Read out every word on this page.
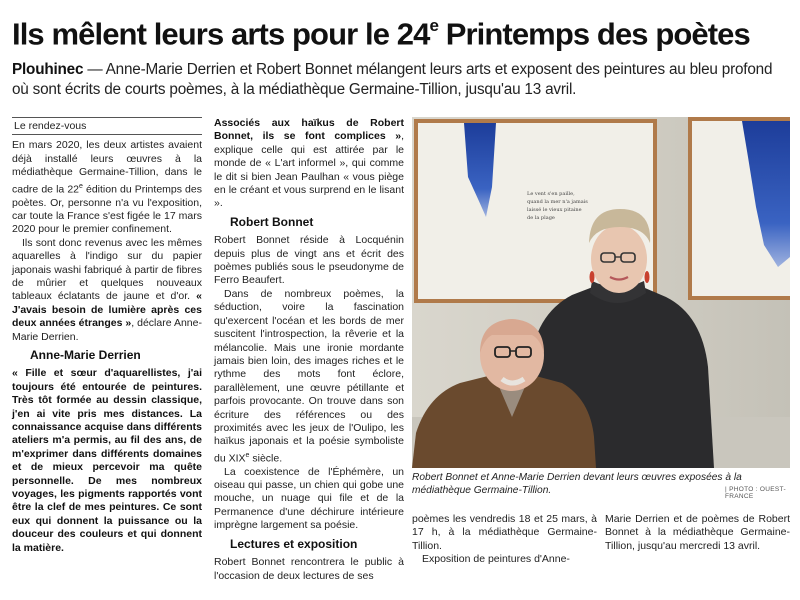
Ils mêlent leurs arts pour le 24e Printemps des poètes
Plouhinec — Anne-Marie Derrien et Robert Bonnet mélangent leurs arts et exposent des peintures au bleu profond où sont écrits de courts poèmes, à la médiathèque Germaine-Tillion, jusqu'au 13 avril.
Le rendez-vous

En mars 2020, les deux artistes avaient déjà installé leurs œuvres à la médiathèque Germaine-Tillion, dans le cadre de la 22e édition du Printemps des poètes. Or, personne n'a vu l'exposition, car toute la France s'est figée le 17 mars 2020 pour le premier confinement.

Ils sont donc revenus avec les mêmes aquarelles à l'indigo sur du papier japonais washi fabriqué à partir de fibres de mûrier et quelques nouveaux tableaux éclatants de jaune et d'or. « J'avais besoin de lumière après ces deux années étranges », déclare Anne-Marie Derrien.

Anne-Marie Derrien

« Fille et sœur d'aquarellistes, j'ai toujours été entourée de peintures. Très tôt formée au dessin classique, j'en ai vite pris mes distances. La connaissance acquise dans différents ateliers m'a permis, au fil des ans, de m'exprimer dans différents domaines et de mieux percevoir ma quête personnelle. De mes nombreux voyages, les pigments rapportés vont être la clef de mes peintures. Ce sont eux qui donnent la puissance ou la douceur des couleurs et qui donnent la matière.

Associés aux haïkus de Robert Bonnet, ils se font complices », explique celle qui est attirée par le monde de « L'art informel », qui comme le dit si bien Jean Paulhan « vous piège en le créant et vous surprend en le lisant ».

Robert Bonnet

Robert Bonnet réside à Locquénin depuis plus de vingt ans et écrit des poèmes publiés sous le pseudonyme de Ferro Beaufert.

Dans de nombreux poèmes, la séduction, voire la fascination qu'exercent l'océan et les bords de mer suscitent l'introspection, la rêverie et la mélancolie. Mais une ironie mordante jamais bien loin, des images riches et le rythme des mots font éclore, parallèlement, une œuvre pétillante et parfois provocante. On trouve dans son écriture des références ou des proximités avec les jeux de l'Oulipo, les haïkus japonais et la poésie symboliste du XIXe siècle.

La coexistence de l'Éphémère, un oiseau qui passe, un chien qui gobe une mouche, un nuage qui file et de la Permanence d'une déchirure intérieure imprègne largement sa poésie.

Lectures et exposition

Robert Bonnet rencontrera le public à l'occasion de deux lectures de ses

Le vent s'en paille,
quand la mer n'a jamais
laissé le vieux pitaine
de la plage
Robert Bonnet et Anne-Marie Derrien devant leurs œuvres exposées à la médiathèque Germaine-Tillion.	| PHOTO : OUEST-FRANCE

poèmes les vendredis 18 et 25 mars, à 17 h, à la médiathèque Germaine-Tillion.

Exposition de peintures d'Anne-

Marie Derrien et de poèmes de Robert Bonnet à la médiathèque Germaine-Tillion, jusqu'au mercredi 13 avril.
